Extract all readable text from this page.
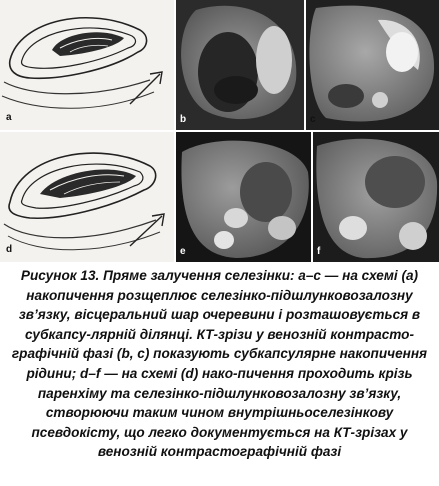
a	b	c
d	e	f

Рисунок 13. Пряме залучення селезінки: a–c — на схемі (a) накопичення розщеплює селезінко-підшлунковозалозну зв’язку, вісцеральний шар очеревини і розташовується в субкапсу-лярній ділянці. КТ-зрізи у венозній контрасто-графічній фазі (b, c) показують субкапсулярне накопичення рідини; d–f — на схемі (d) нако-пичення проходить крізь паренхіму та селезінко-підшлунковозалозну зв’язку, створюючи таким чином внутрішньоселезінкову псевдокісту, що легко документується на КТ-зрізах у венозній контрастографічній фазі
